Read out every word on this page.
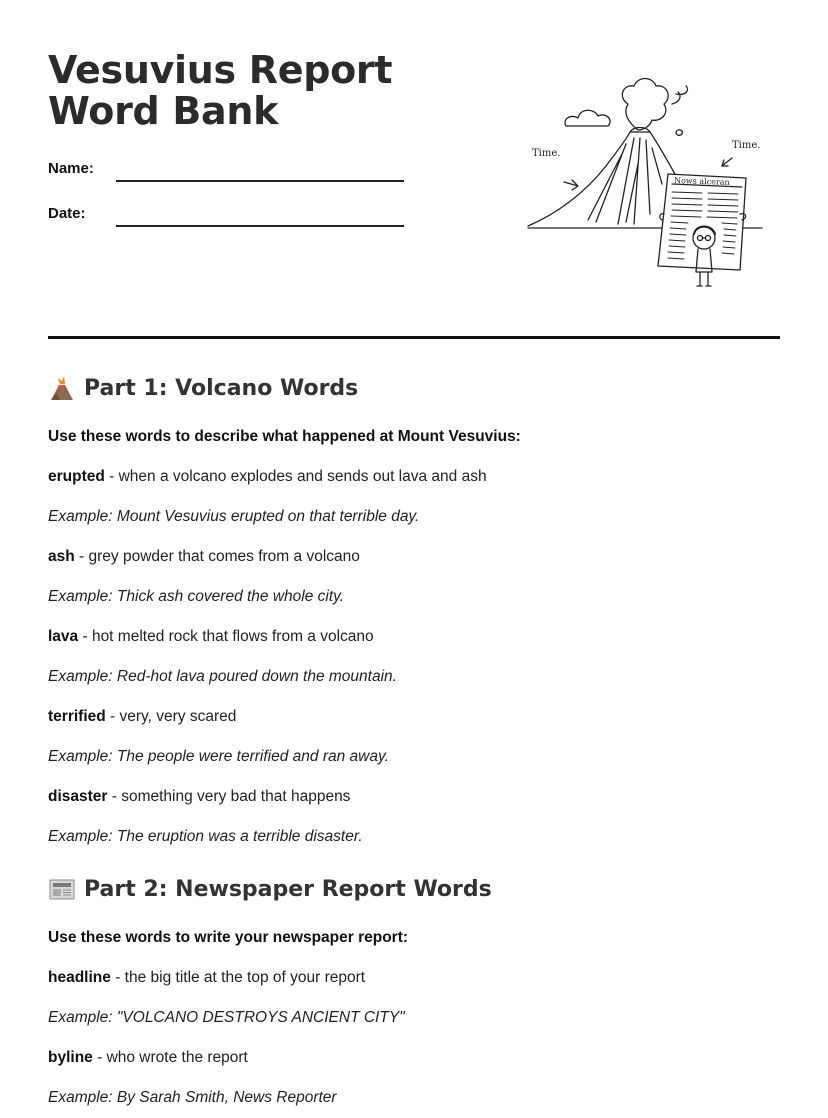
Vesuvius Report Word Bank
Name:
Date:
Time.
Time.
Nows alceran
Part 1: Volcano Words
Use these words to describe what happened at Mount Vesuvius:
erupted - when a volcano explodes and sends out lava and ash
Example: Mount Vesuvius erupted on that terrible day.
ash - grey powder that comes from a volcano
Example: Thick ash covered the whole city.
lava - hot melted rock that flows from a volcano
Example: Red-hot lava poured down the mountain.
terrified - very, very scared
Example: The people were terrified and ran away.
disaster - something very bad that happens
Example: The eruption was a terrible disaster.
Part 2: Newspaper Report Words
Use these words to write your newspaper report:
headline - the big title at the top of your report
Example: "VOLCANO DESTROYS ANCIENT CITY"
byline - who wrote the report
Example: By Sarah Smith, News Reporter
